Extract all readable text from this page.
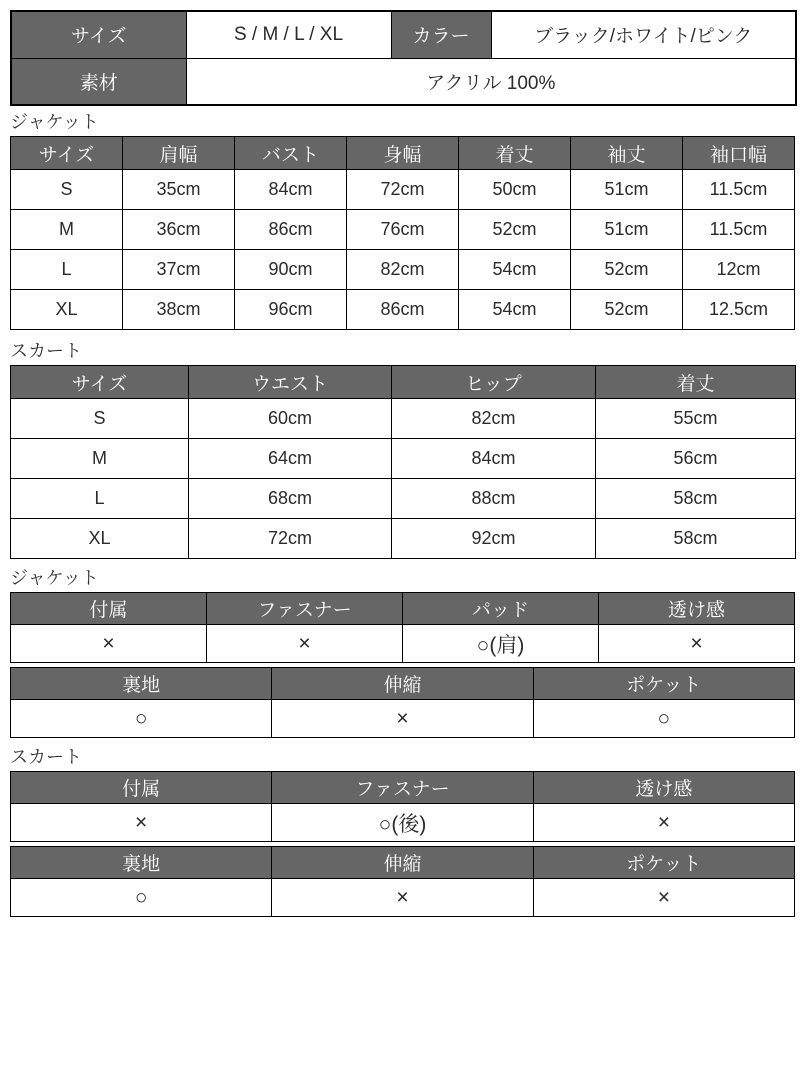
サイズ	S / M / L / XL	カラー	ブラック/ホワイト/ピンク
素材	アクリル 100%		
ジャケット
サイズ	肩幅	バスト	身幅	着丈	袖丈	袖口幅
S	35cm	84cm	72cm	50cm	51cm	11.5cm
M	36cm	86cm	76cm	52cm	51cm	11.5cm
L	37cm	90cm	82cm	54cm	52cm	12cm
XL	38cm	96cm	86cm	54cm	52cm	12.5cm
スカート
サイズ	ウエスト	ヒップ	着丈
S	60cm	82cm	55cm
M	64cm	84cm	56cm
L	68cm	88cm	58cm
XL	72cm	92cm	58cm
ジャケット
付属	ファスナー	パッド	透け感
×	×	○(肩)	×
裏地	伸縮	ポケット
○	×	○
スカート
付属	ファスナー	透け感
×	○(後)	×
裏地	伸縮	ポケット
○	×	×
